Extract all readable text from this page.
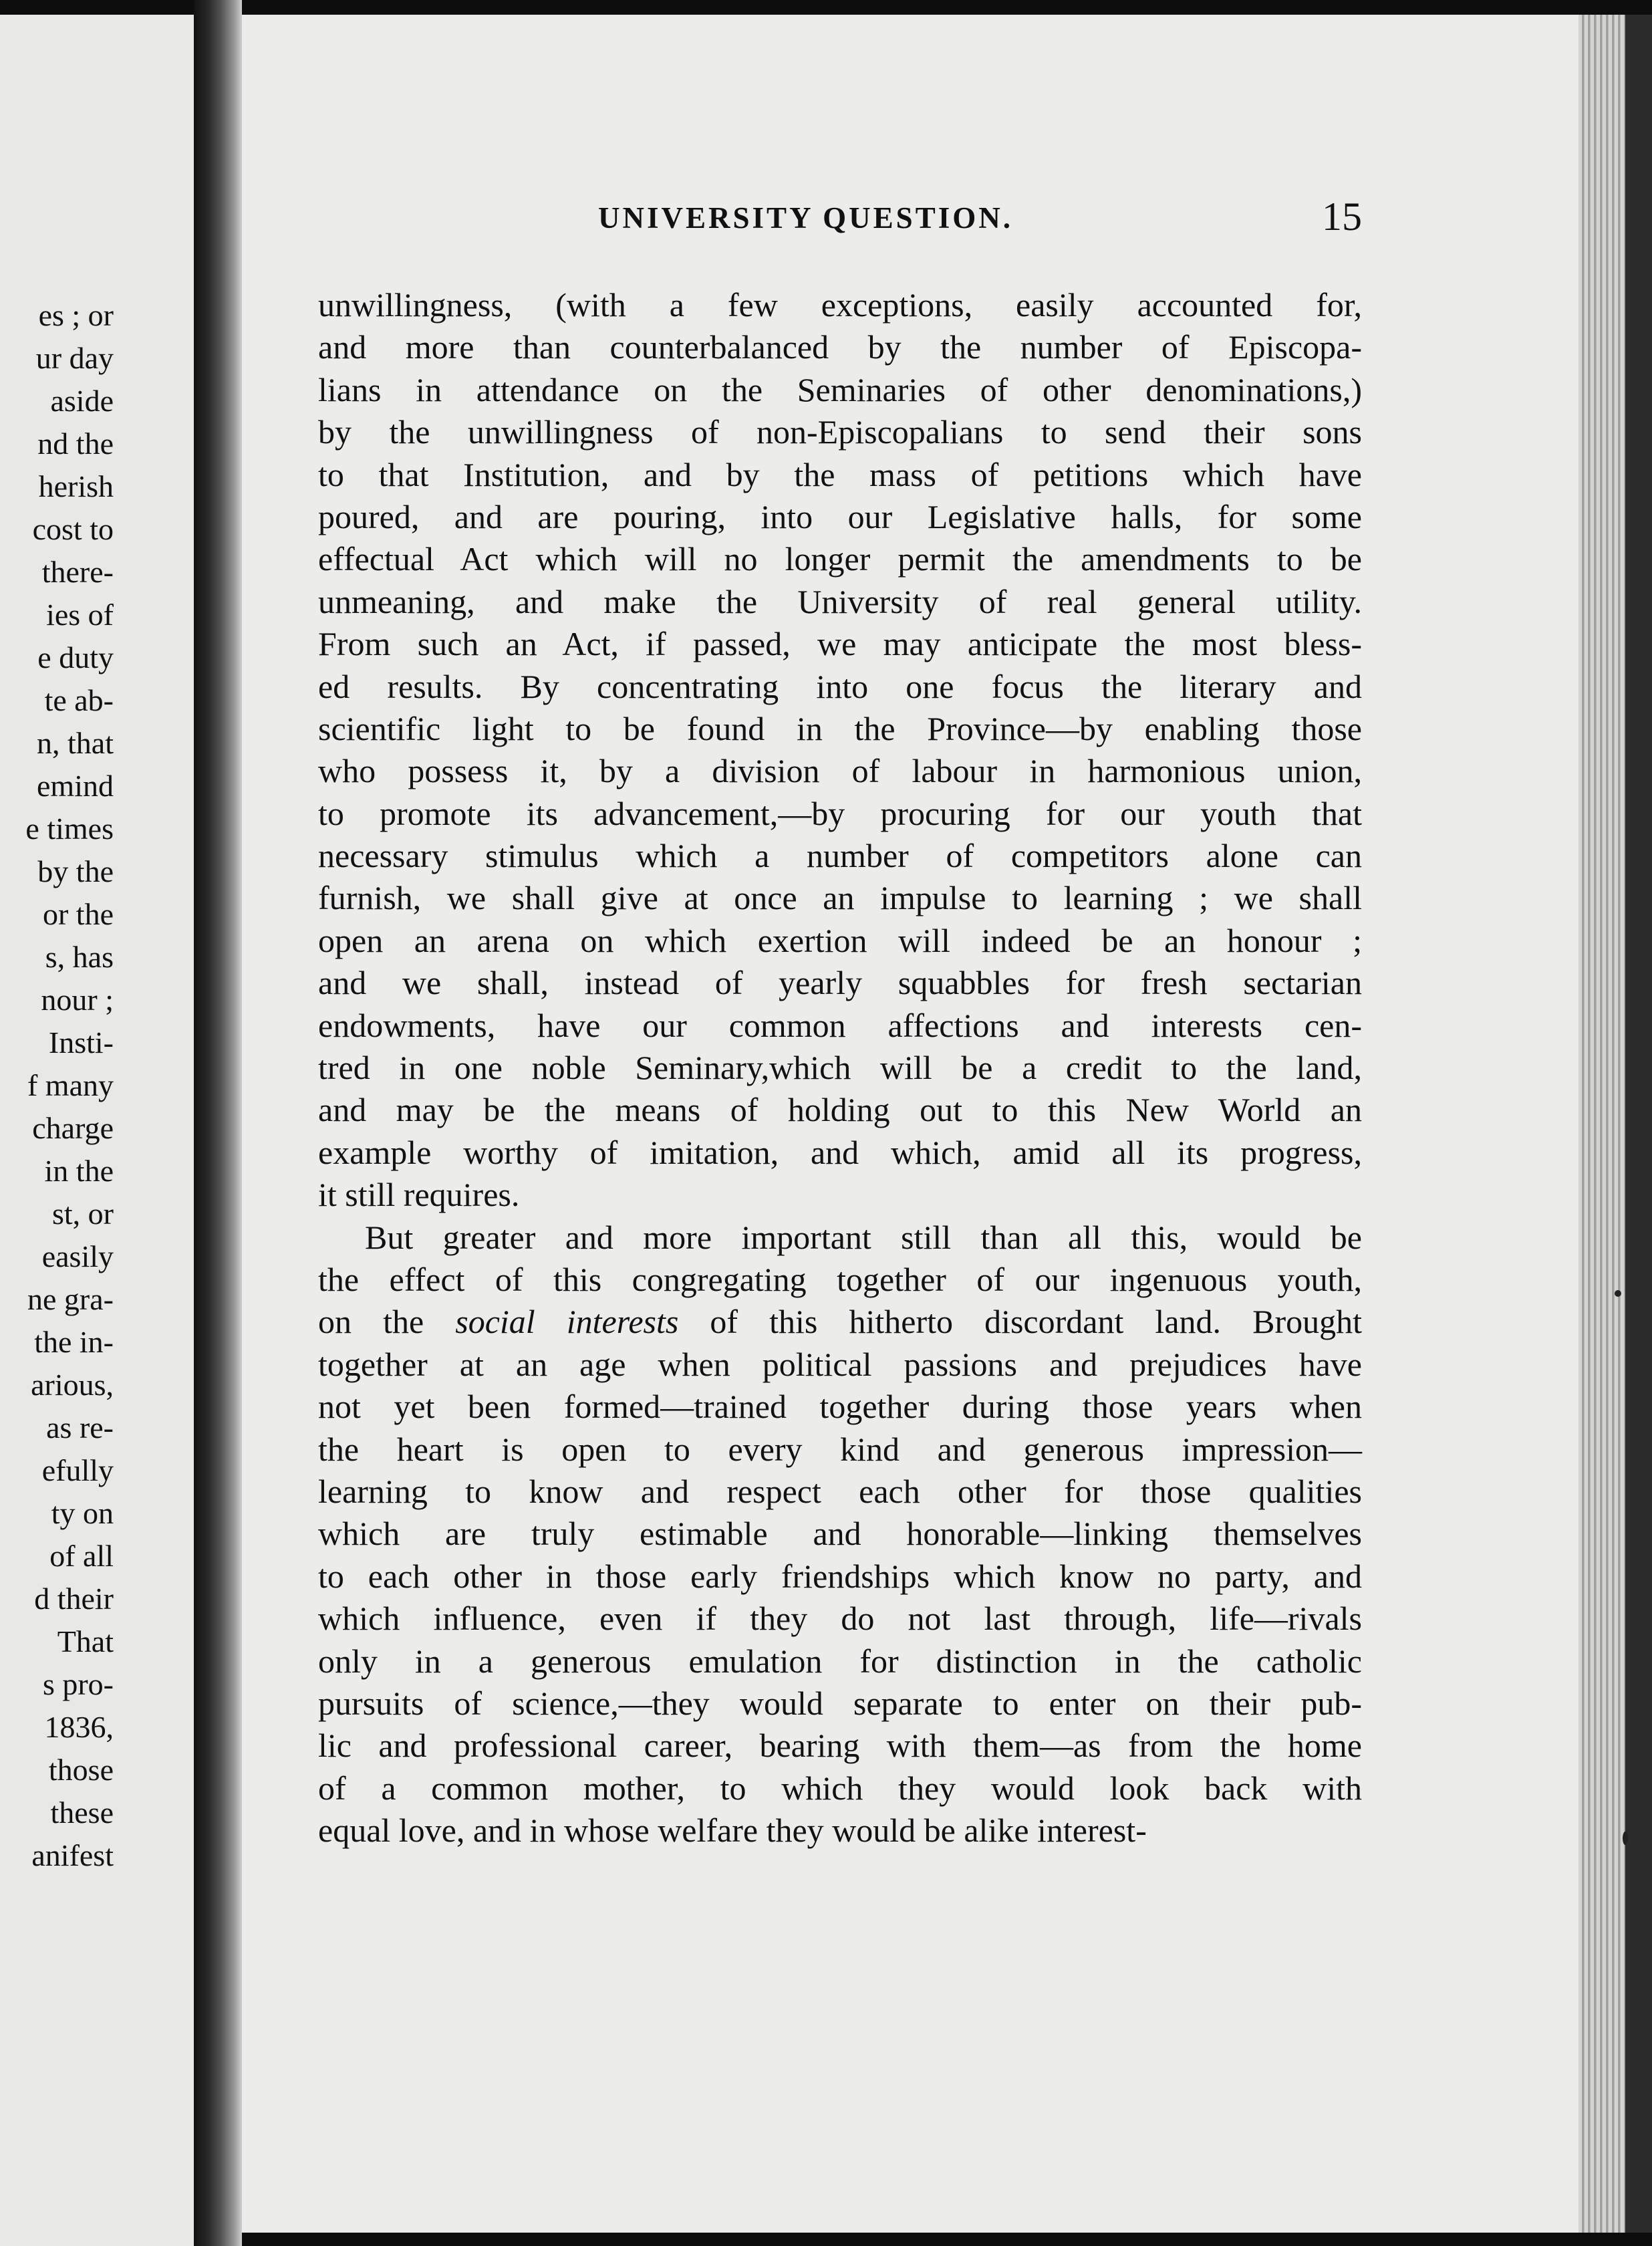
es ; or
ur day
aside
nd the
herish
cost to
there-
ies of
e duty
te ab-
n, that
emind
e times
by the
or the
s, has
nour ;
Insti-
f many
charge
in the
st, or
easily
ne gra-
the in-
arious,
as re-
efully
ty on
of all
d their
That
s pro-
1836,
those
these
anifest
UNIVERSITY QUESTION.	15
unwillingness, (with a few exceptions, easily accounted for,
and more than counterbalanced by the number of Episcopa-
lians in attendance on the Seminaries of other denominations,)
by the unwillingness of non-Episcopalians to send their sons
to that Institution, and by the mass of petitions which have
poured, and are pouring, into our Legislative halls, for some
effectual Act which will no longer permit the amendments to be
unmeaning, and make the University of real general utility.
From such an Act, if passed, we may anticipate the most bless-
ed results. By concentrating into one focus the literary and
scientific light to be found in the Province—by enabling those
who possess it, by a division of labour in harmonious union,
to promote its advancement,—by procuring for our youth that
necessary stimulus which a number of competitors alone can
furnish, we shall give at once an impulse to learning ; we shall
open an arena on which exertion will indeed be an honour ;
and we shall, instead of yearly squabbles for fresh sectarian
endowments, have our common affections and interests cen-
tred in one noble Seminary,which will be a credit to the land,
and may be the means of holding out to this New World an
example worthy of imitation, and which, amid all its progress,
it still requires.
But greater and more important still than all this, would be
the effect of this congregating together of our ingenuous youth,
on the social interests of this hitherto discordant land. Brought
together at an age when political passions and prejudices have
not yet been formed—trained together during those years when
the heart is open to every kind and generous impression—
learning to know and respect each other for those qualities
which are truly estimable and honorable—linking themselves
to each other in those early friendships which know no party, and
which influence, even if they do not last through, life—rivals
only in a generous emulation for distinction in the catholic
pursuits of science,—they would separate to enter on their pub-
lic and professional career, bearing with them—as from the home
of a common mother, to which they would look back with
equal love, and in whose welfare they would be alike interest-
